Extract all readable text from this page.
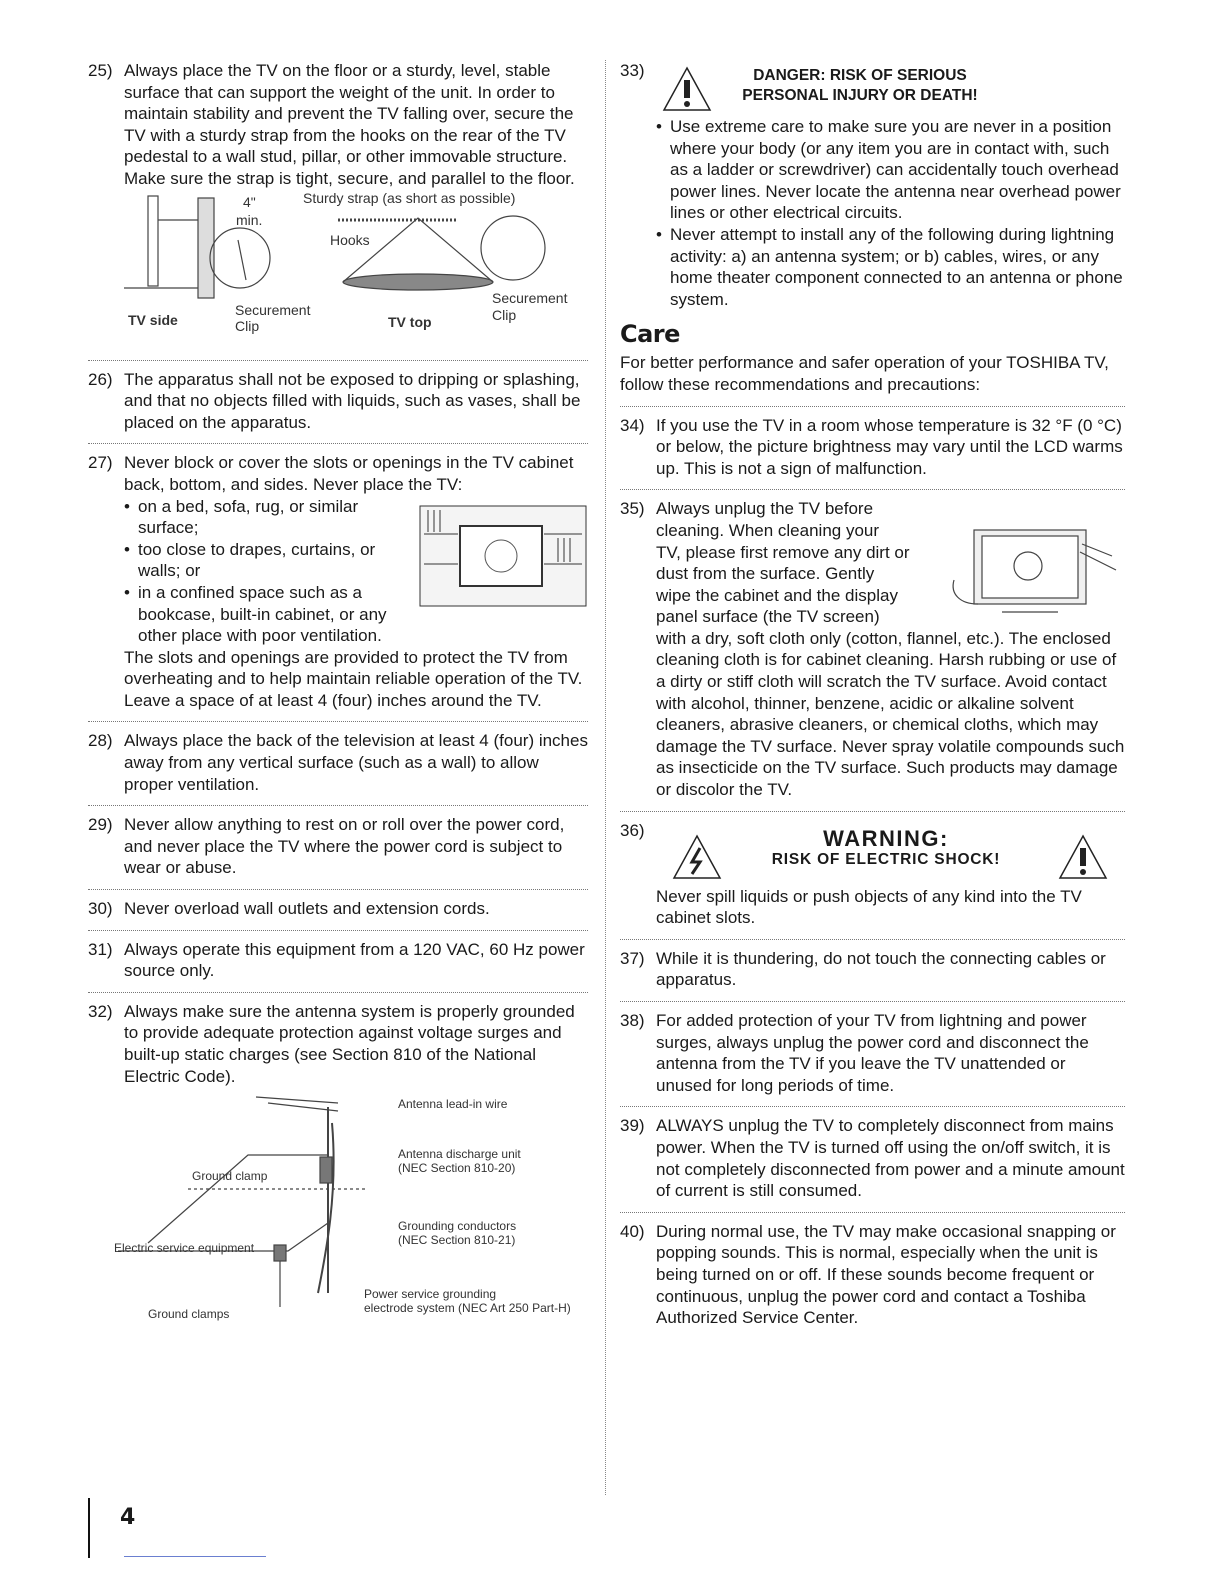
25) Always place the TV on the floor or a sturdy, level, stable surface that can support the weight of the unit. In order to maintain stability and prevent the TV falling over, secure the TV with a sturdy strap from the hooks on the rear of the TV pedestal to a wall stud, pillar, or other immovable structure. Make sure the strap is tight, secure, and parallel to the floor.

4"
min.
Sturdy strap (as short as possible)
Hooks
Securement
Clip
Securement
Clip
TV side	TV top
26) The apparatus shall not be exposed to dripping or splashing, and that no objects filled with liquids, such as vases, shall be placed on the apparatus.

27) Never block or cover the slots or openings in the TV cabinet back, bottom, and sides. Never place the TV:

• on a bed, sofa, rug, or similar surface;
• too close to drapes, curtains, or walls; or
• in a confined space such as a bookcase, built-in cabinet, or any other place with poor ventilation.

The slots and openings are provided to protect the TV from overheating and to help maintain reliable operation of the TV. Leave a space of at least 4 (four) inches around the TV.

28) Always place the back of the television at least 4 (four) inches away from any vertical surface (such as a wall) to allow proper ventilation.

29) Never allow anything to rest on or roll over the power cord, and never place the TV where the power cord is subject to wear or abuse.

30) Never overload wall outlets and extension cords.

31) Always operate this equipment from a 120 VAC, 60 Hz power source only.

32) Always make sure the antenna system is properly grounded to provide adequate protection against voltage surges and built-up static charges (see Section 810 of the National Electric Code).

Antenna lead-in wire
Antenna discharge unit
(NEC Section 810-20)
Ground clamp
Grounding conductors
(NEC Section 810-21)
Electric service equipment
Ground clamps
Power service grounding
electrode system (NEC Art 250 Part-H)
33)	DANGER: RISK OF SERIOUS
PERSONAL INJURY OR DEATH!
• Use extreme care to make sure you are never in a position where your body (or any item you are in contact with, such as a ladder or screwdriver) can accidentally touch overhead power lines. Never locate the antenna near overhead power lines or other electrical circuits.
• Never attempt to install any of the following during lightning activity: a) an antenna system; or b) cables, wires, or any home theater component connected to an antenna or phone system.
Care

For better performance and safer operation of your TOSHIBA TV, follow these recommendations and precautions:

34) If you use the TV in a room whose temperature is 32 °F (0 °C) or below, the picture brightness may vary until the LCD warms up. This is not a sign of malfunction.

35) Always unplug the TV before
cleaning. When cleaning your
TV, please first remove any dirt or
dust from the surface. Gently
wipe the cabinet and the display
panel surface (the TV screen)

with a dry, soft cloth only (cotton, flannel, etc.). The enclosed cleaning cloth is for cabinet cleaning. Harsh rubbing or use of a dirty or stiff cloth will scratch the TV surface. Avoid contact with alcohol, thinner, benzene, acidic or alkaline solvent cleaners, abrasive cleaners, or chemical cloths, which may damage the TV surface. Never spray volatile compounds such as insecticide on the TV surface. Such products may damage or discolor the TV.

36)	WARNING:
RISK OF ELECTRIC SHOCK!

Never spill liquids or push objects of any kind into the TV cabinet slots.

37) While it is thundering, do not touch the connecting cables or apparatus.

38) For added protection of your TV from lightning and power surges, always unplug the power cord and disconnect the antenna from the TV if you leave the TV unattended or unused for long periods of time.

39) ALWAYS unplug the TV to completely disconnect from mains power. When the TV is turned off using the on/off switch, it is not completely disconnected from power and a minute amount of current is still consumed.

40) During normal use, the TV may make occasional snapping or popping sounds. This is normal, especially when the unit is being turned on or off. If these sounds become frequent or continuous, unplug the power cord and contact a Toshiba Authorized Service Center.

4
